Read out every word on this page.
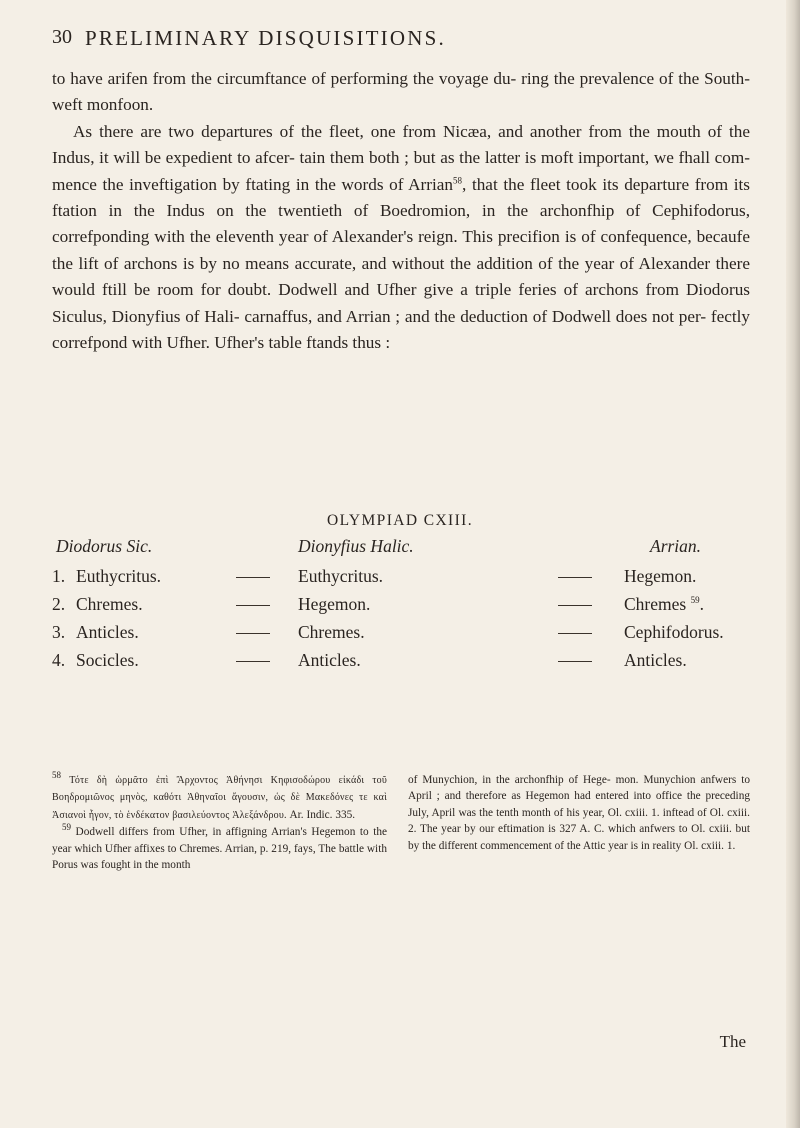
30 PRELIMINARY DISQUISITIONS.

to have arifen from the circumftance of performing the voyage du- ring the prevalence of the South-weft monfoon.

As there are two departures of the fleet, one from Nicæa, and another from the mouth of the Indus, it will be expedient to afcer- tain them both ; but as the latter is moft important, we fhall com- mence the inveftigation by ftating in the words of Arrian$^{58}$, that the fleet took its departure from its ftation in the Indus on the twentieth of Boedromion, in the archonfhip of Cephifodorus, correfponding with the eleventh year of Alexander's reign. This precifion is of confequence, becaufe the lift of archons is by no means accurate, and without the addition of the year of Alexander there would ftill be room for doubt. Dodwell and Ufher give a triple feries of archons from Diodorus Siculus, Dionyfius of Hali- carnaffus, and Arrian ; and the deduction of Dodwell does not per- fectly correfpond with Ufher. Ufher's table ftands thus :

OLYMPIAD CXIII.
Diodorus Sic.	Dionyfius Halic.	Arrian.
1. Euthycritus.	Euthycritus.	Hegemon.
2. Chremes.	Hegemon.	Chremes $^{59}$.
3. Anticles.	Chremes.	Cephifodorus.
4. Socicles.	Anticles.	Anticles.

$^{58}$ Τότε δὴ ὡρμᾶτο ἐπὶ Ἄρχοντος Ἀθήνησι Κηφισοδώρου εἰκάδι τοῦ Βοηδρομιῶνος μηνὸς, καθότι Ἀθηναῖοι ἄγουσιν, ὡς δὲ Μακεδόνες τε καὶ Ἀσιανοὶ ἦγον, τὸ ἑνδέκατον βασιλεύοντος Ἀλεξάνδρου. Ar. Indic. 335.

$^{59}$ Dodwell differs from Ufher, in affigning Arrian's Hegemon to the year which Ufher affixes to Chremes. Arrian, p. 219, fays, The battle with Porus was fought in the month

of Munychion, in the archonfhip of Hege- mon. Munychion anfwers to April ; and therefore as Hegemon had entered into office the preceding July, April was the tenth month of his year, Ol. cxiii. 1. inftead of Ol. cxiii. 2. The year by our eftimation is 327 A. C. which anfwers to Ol. cxiii. but by the different commencement of the Attic year is in reality Ol. cxiii. 1.

The
